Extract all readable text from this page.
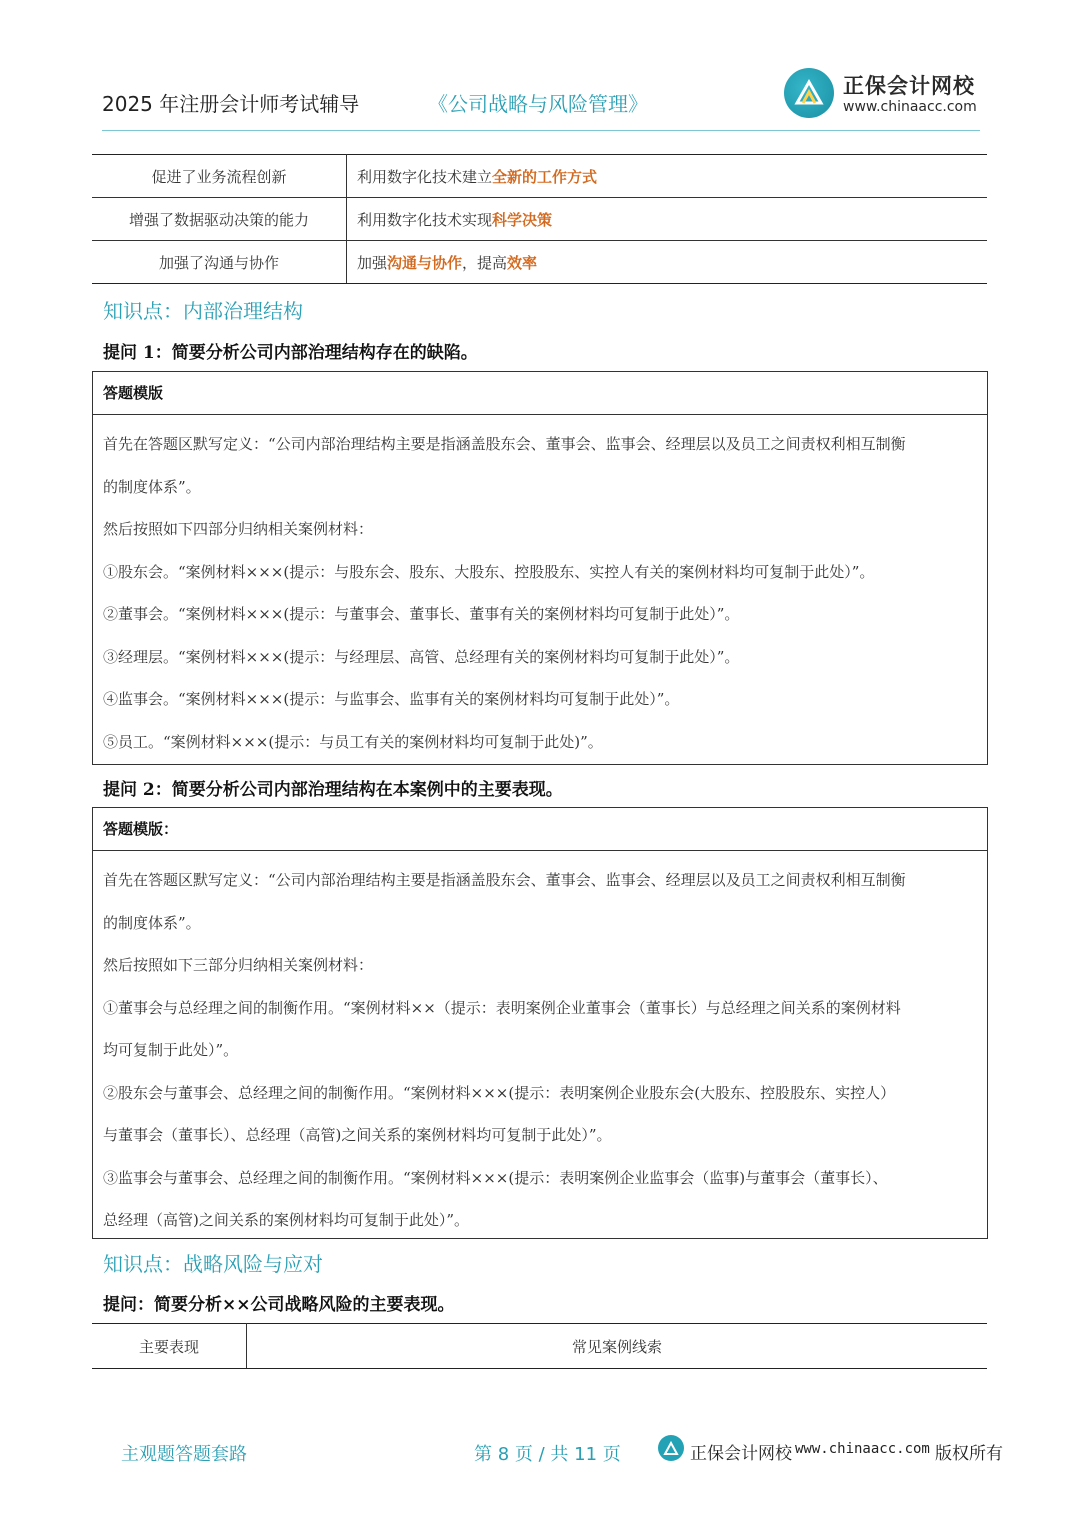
2025 年注册会计师考试辅导	《公司战略与风险管理》
正保会计网校
www.chinaacc.com
促进了业务流程创新	利用数字化技术建立全新的工作方式
增强了数据驱动决策的能力	利用数字化技术实现科学决策
加强了沟通与协作	加强沟通与协作，提高效率
知识点：内部治理结构
提问 1：简要分析公司内部治理结构存在的缺陷。
答题模版

首先在答题区默写定义：“公司内部治理结构主要是指涵盖股东会、董事会、监事会、经理层以及员工之间责权利相互制衡

的制度体系”。

然后按照如下四部分归纳相关案例材料：

①股东会。“案例材料×××(提示：与股东会、股东、大股东、控股股东、实控人有关的案例材料均可复制于此处）”。

②董事会。“案例材料×××(提示：与董事会、董事长、董事有关的案例材料均可复制于此处）”。

③经理层。“案例材料×××(提示：与经理层、高管、总经理有关的案例材料均可复制于此处）”。

④监事会。“案例材料×××(提示：与监事会、监事有关的案例材料均可复制于此处）”。

⑤员工。“案例材料×××(提示：与员工有关的案例材料均可复制于此处)”。

提问 2：简要分析公司内部治理结构在本案例中的主要表现。
答题模版：

首先在答题区默写定义：“公司内部治理结构主要是指涵盖股东会、董事会、监事会、经理层以及员工之间责权利相互制衡

的制度体系”。

然后按照如下三部分归纳相关案例材料：

①董事会与总经理之间的制衡作用。“案例材料××（提示：表明案例企业董事会（董事长）与总经理之间关系的案例材料

均可复制于此处）”。

②股东会与董事会、总经理之间的制衡作用。“案例材料×××(提示：表明案例企业股东会(大股东、控股股东、实控人）

与董事会（董事长）、总经理（高管)之间关系的案例材料均可复制于此处）”。

③监事会与董事会、总经理之间的制衡作用。“案例材料×××(提示：表明案例企业监事会（监事)与董事会（董事长）、

总经理（高管)之间关系的案例材料均可复制于此处）”。

知识点：战略风险与应对
提问：简要分析××公司战略风险的主要表现。
主要表现	常见案例线索
主观题答题套路	第 8 页 / 共 11 页	正保会计网校 www.chinaacc.com 版权所有
